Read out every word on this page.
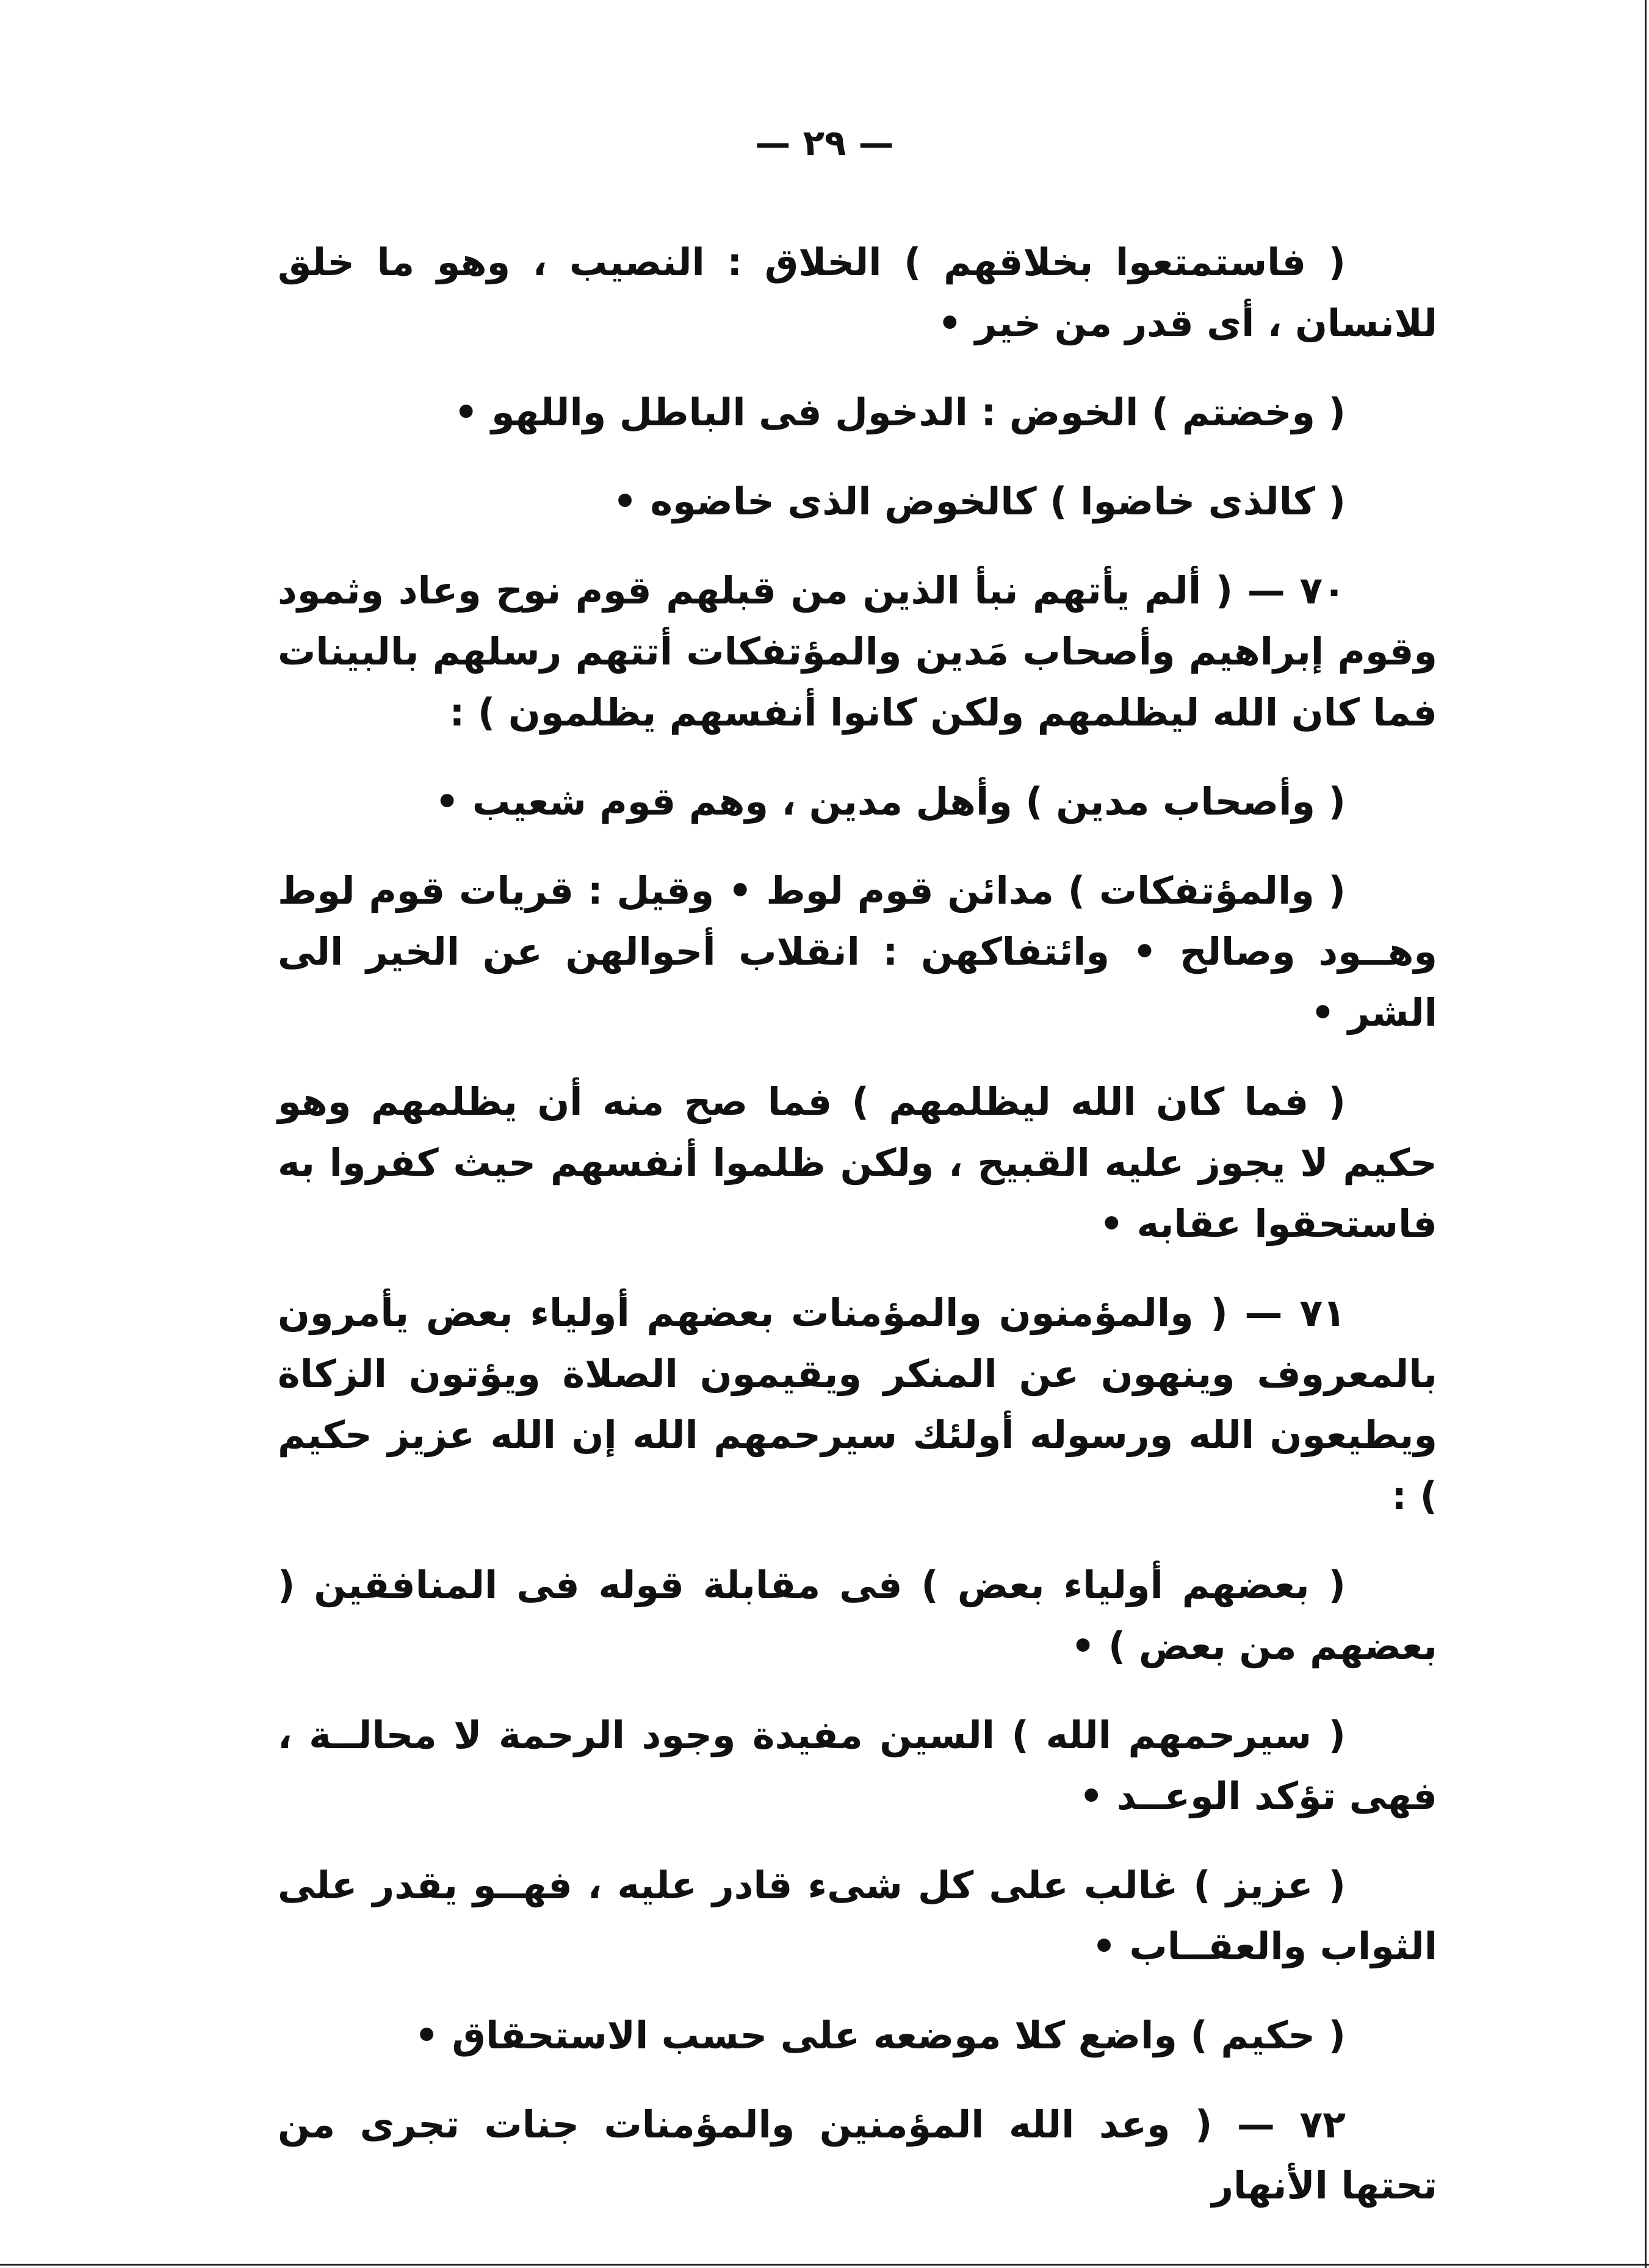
— ٢٩ —

( فاستمتعوا بخلاقهم ) الخلاق : النصيب ، وهو ما خلق للانسان ، أى قدر من خير •

( وخضتم ) الخوض : الدخول فى الباطل واللهو •

( كالذى خاضوا ) كالخوض الذى خاضوه •

٧٠ — ( ألم يأتهم نبأ الذين من قبلهم قوم نوح وعاد وثمود وقوم إبراهيم وأصحاب مَدين والمؤتفكات أتتهم رسلهم بالبينات فما كان الله ليظلمهم ولكن كانوا أنفسهم يظلمون ) :

( وأصحاب مدين ) وأهل مدين ، وهم قوم شعيب •

( والمؤتفكات ) مدائن قوم لوط • وقيل : قريات قوم لوط وهــود وصالح • وائتفاكهن : انقلاب أحوالهن عن الخير الى الشر •

( فما كان الله ليظلمهم ) فما صح منه أن يظلمهم وهو حكيم لا يجوز عليه القبيح ، ولكن ظلموا أنفسهم حيث كفروا به فاستحقوا عقابه •

٧١ — ( والمؤمنون والمؤمنات بعضهم أولياء بعض يأمرون بالمعروف وينهون عن المنكر ويقيمون الصلاة ويؤتون الزكاة ويطيعون الله ورسوله أولئك سيرحمهم الله إن الله عزيز حكيم ) :

( بعضهم أولياء بعض ) فى مقابلة قوله فى المنافقين ( بعضهم من بعض ) •

( سيرحمهم الله ) السين مفيدة وجود الرحمة لا محالــة ، فهى تؤكد الوعــد •

( عزيز ) غالب على كل شىء قادر عليه ، فهــو يقدر على الثواب والعقــاب •

( حكيم ) واضع كلا موضعه على حسب الاستحقاق •

٧٢ — ( وعد الله المؤمنين والمؤمنات جنات تجرى من تحتها الأنهار
